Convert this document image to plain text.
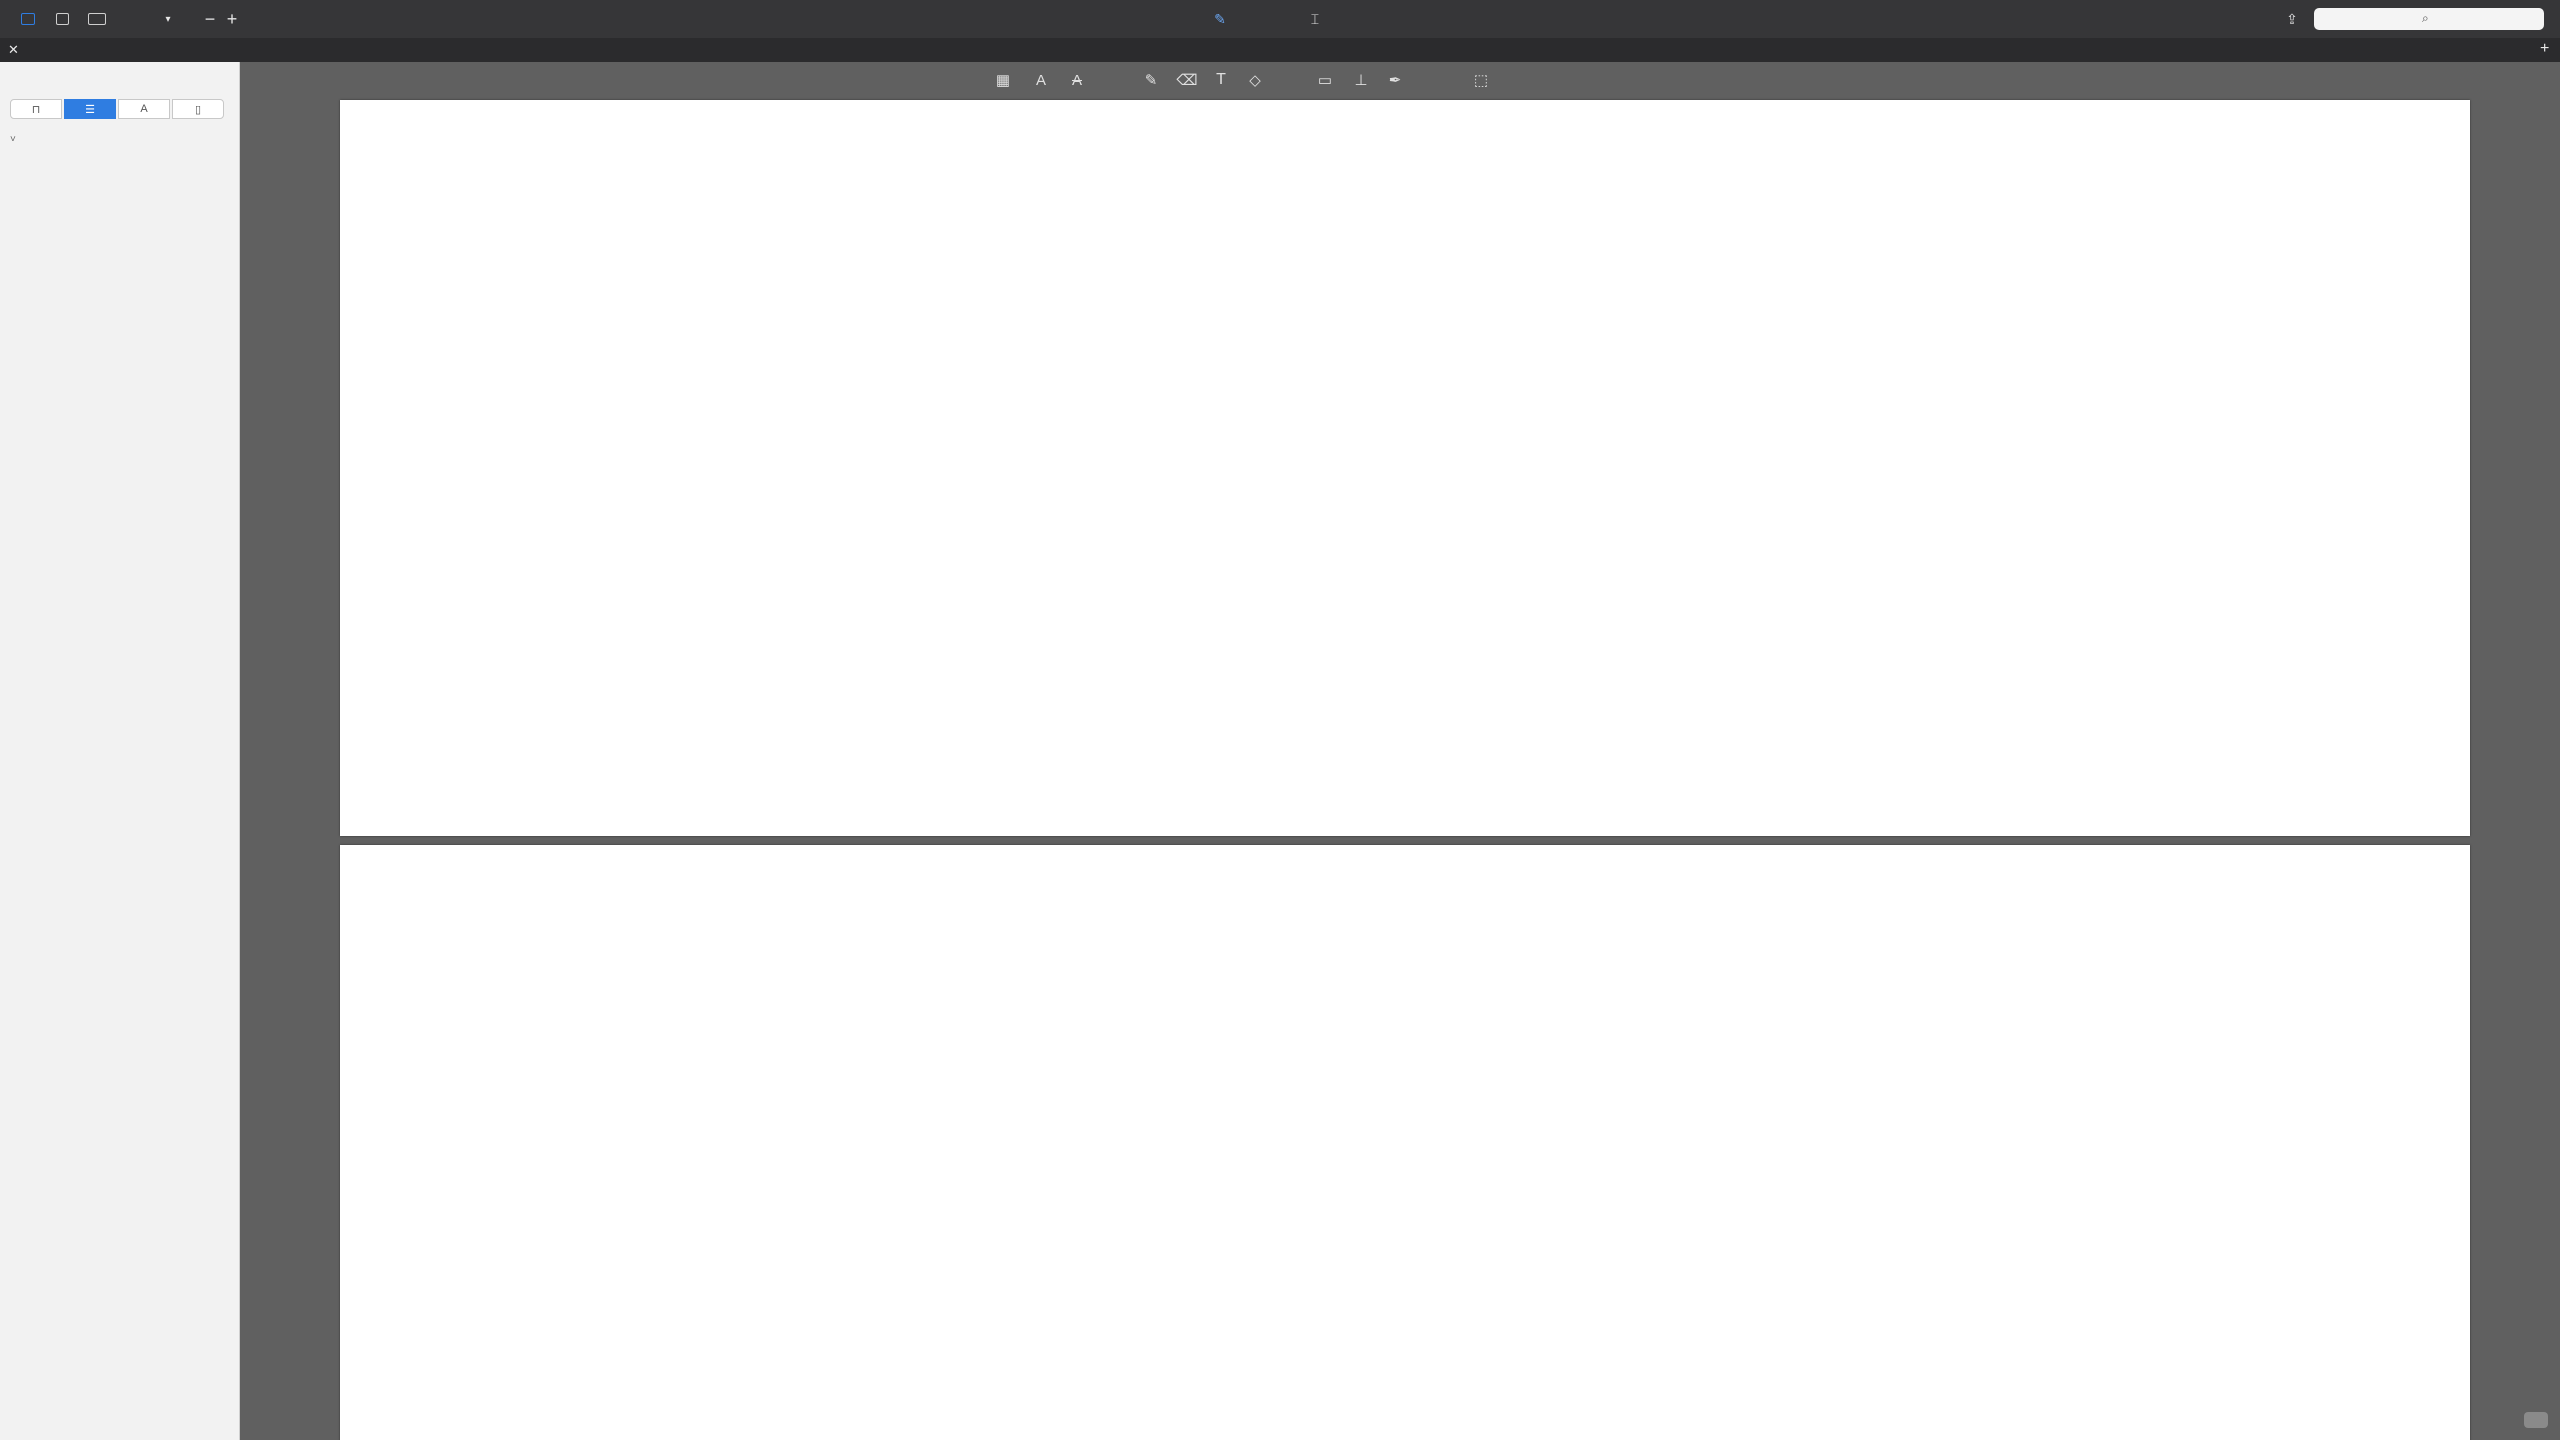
▾ − +	✎	⌶	⇪	⌕
✕	+
⊓	☰	A	▯
˅
▦ A A	✎ ⌫ T ◇	▭ ⊥ ✒	⬚
